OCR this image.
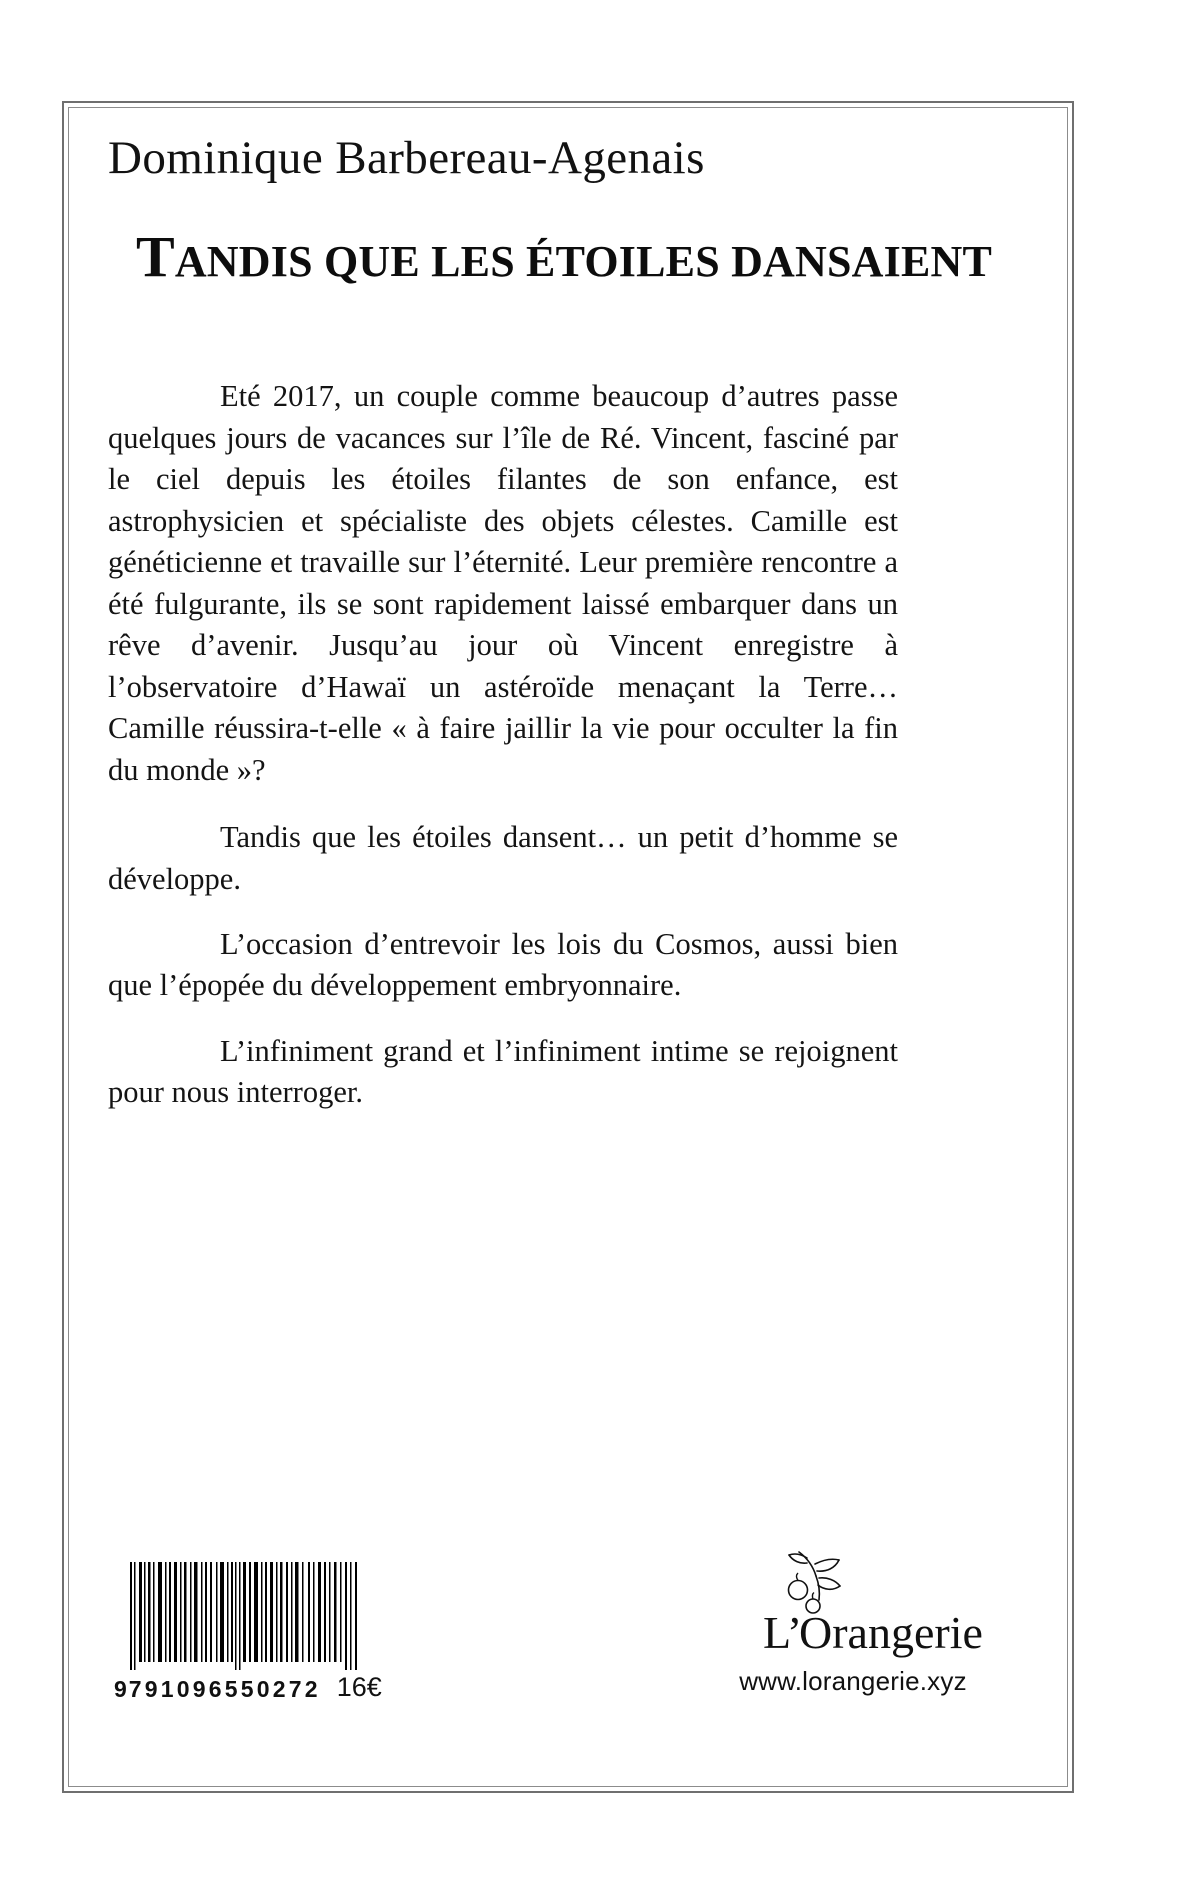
Dominique Barbereau‑Agenais
TANDIS QUE LES ÉTOILES DANSAIENT

Eté 2017, un couple comme beaucoup d’autres passe quelques jours de vacances sur l’île de Ré. Vincent, fasciné par le ciel depuis les étoiles filantes de son enfance, est astrophysicien et spécialiste des objets célestes. Camille est généticienne et travaille sur l’éternité. Leur première rencontre a été fulgurante, ils se sont rapidement laissé embarquer dans un rêve d’avenir. Jusqu’au jour où Vincent enregistre à l’observatoire d’Hawaï un astéroïde menaçant la Terre… Camille réussira-t-elle « à faire jaillir la vie pour occulter la fin du monde »?

Tandis que les étoiles dansent… un petit d’homme se développe.

L’occasion d’entrevoir les lois du Cosmos, aussi bien que l’épopée du développement embryonnaire.

L’infiniment grand et l’infiniment intime se rejoignent pour nous interroger.

9 791096550272 16€
L’
Orangerie
www.lorangerie.xyz
